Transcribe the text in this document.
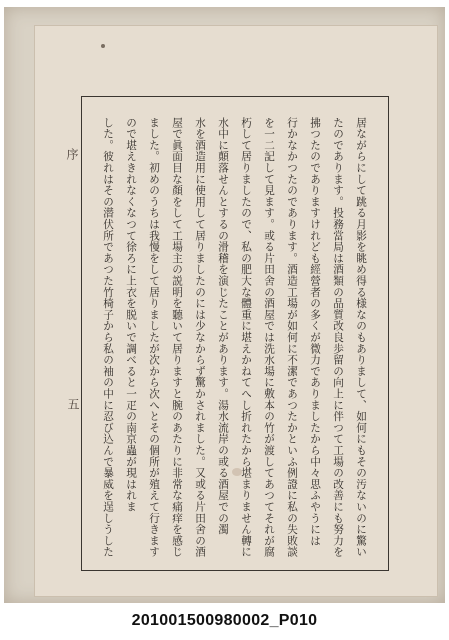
序
五	居ながらにして跳る月影を眺め得る様なのもありまして、如何にもその汚ないのに驚い
たのであります。投務當局は酒類の品質改良歩留の向上に伴つて工場の改善にも努力を
拂つたのでありますけれども經營者の多くが微力でありましたから中々思ふやうには
行かなかつたのであります。酒造工場が如何に不潔であつたかといふ例證に私の失敗談
を一二記して見ます。或る片田舍の酒屋では洗水場に敷本の竹が渡してあつてそれが腐
朽して居りましたので、私の肥大な體重に堪えかねてへし折れたから堪まりません轉に
水中に顛落せんとするの滑稽を演じたことがあります。湯水流岸の或る酒屋での濁
水を酒造用に使用して居りましたのには少なからず驚かされました。又或る片田舍の酒
屋で眞面目な顏をして工場主の説明を聽いて居りますと腕のあたりに非常な痛痒を感じ
ました。初めのうちは我慢をして居りましたが次から次へとその個所が殖えて行きます
ので堪えきれなくなつて徐ろに上衣を脱いで調べると一疋の南京蟲が現はれま
した。彼れはその潜伏所であつた竹椅子から私の袖の中に忍び込んで暴威を逞しうした
201001500980002_P010
